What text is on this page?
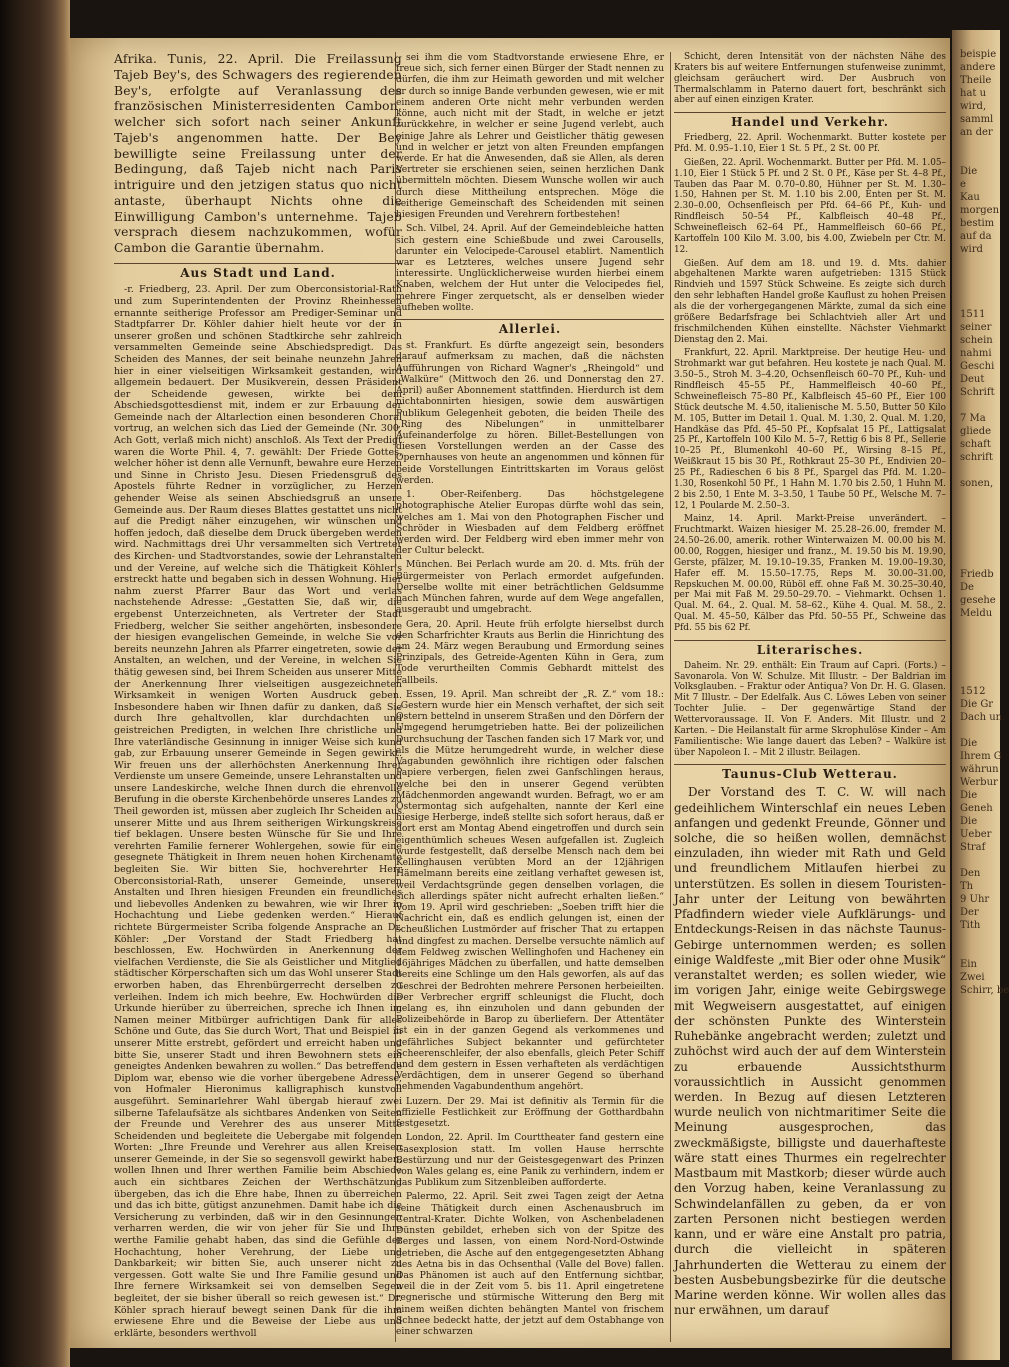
Afrika. Tunis, 22. April. Die Freilassung Tajeb Bey's, des Schwagers des regierenden Bey's, erfolgte auf Veranlassung des französischen Ministerresidenten Cambon, welcher sich sofort nach seiner Ankunft Tajeb's angenommen hatte. Der Bey bewilligte seine Freilassung unter der Bedingung, daß Tajeb nicht nach Paris intriguire und den jetzigen status quo nicht antaste, überhaupt Nichts ohne die Einwilligung Cambon's unternehme. Tajeb versprach diesem nachzukommen, wofür Cambon die Garantie übernahm.

Aus Stadt und Land.

-r. Friedberg, 23. April. Der zum Oberconsistorial-Rath und zum Superintendenten der Provinz Rheinhessen ernannte seitherige Professor am Prediger-Seminar und Stadtpfarrer Dr. Köhler dahier hielt heute vor der in unserer großen und schönen Stadtkirche sehr zahlreich versammelten Gemeinde seine Abschiedspredigt. Das Scheiden des Mannes, der seit beinahe neunzehn Jahren hier in einer vielseitigen Wirksamkeit gestanden, wird allgemein bedauert. Der Musikverein, dessen Präsident der Scheidende gewesen, wirkte bei dem Abschiedsgottesdienst mit, indem er zur Erbauung der Gemeinde nach der Altarlection einen besonderen Choral vortrug, an welchen sich das Lied der Gemeinde (Nr. 300, Ach Gott, verlaß mich nicht) anschloß. Als Text der Predigt waren die Worte Phil. 4, 7. gewählt: Der Friede Gottes, welcher höher ist denn alle Vernunft, bewahre eure Herzen und Sinne in Christo Jesu. Diesen Friedensgruß des Apostels führte Redner in vorzüglicher, zu Herzen gehender Weise als seinen Abschiedsgruß an unsere Gemeinde aus. Der Raum dieses Blattes gestattet uns nicht auf die Predigt näher einzugehen, wir wünschen und hoffen jedoch, daß dieselbe dem Druck übergeben werden wird. Nachmittags drei Uhr versammelten sich Vertreter des Kirchen- und Stadtvorstandes, sowie der Lehranstalten und der Vereine, auf welche sich die Thätigkeit Köhler's erstreckt hatte und begaben sich in dessen Wohnung. Hier nahm zuerst Pfarrer Baur das Wort und verlas nachstehende Adresse: „Gestatten Sie, daß wir, die ergebenst Unterzeichneten, als Vertreter der Stadt Friedberg, welcher Sie seither angehörten, insbesondere der hiesigen evangelischen Gemeinde, in welche Sie vor bereits neunzehn Jahren als Pfarrer eingetreten, sowie der Anstalten, an welchen, und der Vereine, in welchen Sie thätig gewesen sind, bei Ihrem Scheiden aus unserer Mitte der Anerkennung Ihrer vielseitigen ausgezeichneten Wirksamkeit in wenigen Worten Ausdruck geben. Insbesondere haben wir Ihnen dafür zu danken, daß Sie durch Ihre gehaltvollen, klar durchdachten und geistreichen Predigten, in welchen Ihre christliche und Ihre vaterländische Gesinnung in inniger Weise sich kund gab, zur Erbauung unserer Gemeinde in Segen gewirkt. Wir freuen uns der allerhöchsten Anerkennung Ihrer Verdienste um unsere Gemeinde, unsere Lehranstalten und unsere Landeskirche, welche Ihnen durch die ehrenvolle Berufung in die oberste Kirchenbehörde unseres Landes zu Theil geworden ist, müssen aber zugleich Ihr Scheiden aus unserer Mitte und aus Ihrem seitherigen Wirkungskreise tief beklagen. Unsere besten Wünsche für Sie und Ihre verehrten Familie fernerer Wohlergehen, sowie für eine gesegnete Thätigkeit in Ihrem neuen hohen Kirchenamte begleiten Sie. Wir bitten Sie, hochverehrter Herr Oberconsistorial-Rath, unserer Gemeinde, unseren Anstalten und Ihren hiesigen Freunden ein freundliches und liebevolles Andenken zu bewahren, wie wir Ihrer in Hochachtung und Liebe gedenken werden.“ Hierauf richtete Bürgermeister Scriba folgende Ansprache an Dr. Köhler: „Der Vorstand der Stadt Friedberg hat beschlossen, Ew. Hochwürden in Anerkennung der vielfachen Verdienste, die Sie als Geistlicher und Mitglied städtischer Körperschaften sich um das Wohl unserer Stadt erworben haben, das Ehrenbürgerrecht derselben zu verleihen. Indem ich mich beehre, Ew. Hochwürden die Urkunde hierüber zu überreichen, spreche ich Ihnen im Namen meiner Mitbürger aufrichtigen Dank für alles Schöne und Gute, das Sie durch Wort, That und Beispiel in unserer Mitte erstrebt, gefördert und erreicht haben und bitte Sie, unserer Stadt und ihren Bewohnern stets ein geneigtes Andenken bewahren zu wollen.“ Das betreffende Diplom war, ebenso wie die vorher übergebene Adresse, von Hofmaler Hieronimus kalligraphisch kunstvoll ausgeführt. Seminarlehrer Wahl übergab hierauf zwei silberne Tafelaufsätze als sichtbares Andenken von Seiten der Freunde und Verehrer des aus unserer Mitte Scheidenden und begleitete die Uebergabe mit folgenden Worten: „Ihre Freunde und Verehrer aus allen Kreisen unserer Gemeinde, in der Sie so segensvoll gewirkt haben, wollen Ihnen und Ihrer werthen Familie beim Abschiede auch ein sichtbares Zeichen der Werthschätzung übergeben, das ich die Ehre habe, Ihnen zu überreichen und das ich bitte, gütigst anzunehmen. Damit habe ich die Versicherung zu verbinden, daß wir in den Gesinnungen verharren werden, die wir von jeher für Sie und Ihre werthe Familie gehabt haben, das sind die Gefühle der Hochachtung, hoher Verehrung, der Liebe und Dankbarkeit; wir bitten Sie, auch unserer nicht zu vergessen. Gott walte Sie und Ihre Familie gesund und Ihre fernere Wirksamkeit sei von demselben Segen begleitet, der sie bisher überall so reich gewesen ist.“ Dr. Köhler sprach hierauf bewegt seinen Dank für die ihm erwiesene Ehre und die Beweise der Liebe aus und erklärte, besonders werthvoll

sei ihm die vom Stadtvorstande erwiesene Ehre, er freue sich, sich ferner einen Bürger der Stadt nennen zu dürfen, die ihm zur Heimath geworden und mit welcher er durch so innige Bande verbunden gewesen, wie er mit einem anderen Orte nicht mehr verbunden werden könne, auch nicht mit der Stadt, in welche er jetzt zurückkehre, in welcher er seine Jugend verlebt, auch einige Jahre als Lehrer und Geistlicher thätig gewesen und in welcher er jetzt von alten Freunden empfangen werde. Er hat die Anwesenden, daß sie Allen, als deren Vertreter sie erschienen seien, seinen herzlichen Dank übermitteln möchten. Diesem Wunsche wollen wir auch durch diese Mittheilung entsprechen. Möge die seitherige Gemeinschaft des Scheidenden mit seinen hiesigen Freunden und Verehrern fortbestehen!

Sch. Vilbel, 24. April. Auf der Gemeindebleiche hatten sich gestern eine Schießbude und zwei Carousells, darunter ein Velocipede-Carousel etablirt. Namentlich war es Letzteres, welches unsere Jugend sehr interessirte. Unglücklicherweise wurden hierbei einem Knaben, welchem der Hut unter die Velocipedes fiel, mehrere Finger zerquetscht, als er denselben wieder aufheben wollte.

Allerlei.

st. Frankfurt. Es dürfte angezeigt sein, besonders darauf aufmerksam zu machen, daß die nächsten Aufführungen von Richard Wagner's „Rheingold“ und „Walküre“ (Mittwoch den 26. und Donnerstag den 27. April) außer Abonnement stattfinden. Hierdurch ist dem nichtabonnirten hiesigen, sowie dem auswärtigen Publikum Gelegenheit geboten, die beiden Theile des „Ring des Nibelungen“ in unmittelbarer Aufeinanderfolge zu hören. Billet-Bestellungen von diesen Vorstellungen werden an der Casse des Opernhauses von heute an angenommen und können für beide Vorstellungen Eintrittskarten im Voraus gelöst werden.

1. Ober-Reifenberg. Das höchstgelegene photographische Atelier Europas dürfte wohl das sein, welches am 1. Mai von den Photographen Fischer und Schröder in Wiesbaden auf dem Feldberg eröffnet werden wird. Der Feldberg wird eben immer mehr von der Cultur beleckt.

München. Bei Perlach wurde am 20. d. Mts. früh der Bürgermeister von Perlach ermordet aufgefunden. Derselbe wollte mit einer beträchtlichen Geldsumme nach München fahren, wurde auf dem Wege angefallen, ausgeraubt und umgebracht.

Gera, 20. April. Heute früh erfolgte hierselbst durch den Scharfrichter Krauts aus Berlin die Hinrichtung des am 24. März wegen Beraubung und Ermordung seines Prinzipals, des Getreide-Agenten Kühn in Gera, zum Tode verurtheilten Commis Gebhardt mittelst des Fallbeils.

Essen, 19. April. Man schreibt der „R. Z.“ vom 18.: „Gestern wurde hier ein Mensch verhaftet, der sich seit Ostern bettelnd in unserem Straßen und den Dörfern der Umgegend herumgetrieben hatte. Bei der polizeilichen Durchsuchung der Taschen fanden sich 17 Mark vor, und als die Mütze herumgedreht wurde, in welcher diese Vagabunden gewöhnlich ihre richtigen oder falschen Papiere verbergen, fielen zwei Ganfschlingen heraus, welche bei den in unserer Gegend verübten Mädchenmorden angewandt wurden. Befragt, wo er am Ostermontag sich aufgehalten, nannte der Kerl eine hiesige Herberge, indeß stellte sich sofort heraus, daß er dort erst am Montag Abend eingetroffen und durch sein eigenthümlich scheues Wesen aufgefallen ist. Zugleich wurde festgestellt, daß derselbe Mensch nach dem bei Kellinghausen verübten Mord an der 12jährigen Hämelmann bereits eine zeitlang verhaftet gewesen ist, weil Verdachtsgründe gegen denselben vorlagen, die sich allerdings später nicht aufrecht erhalten ließen.“ Vom 19. April wird geschrieben: „Soeben trifft hier die Nachricht ein, daß es endlich gelungen ist, einen der scheußlichen Lustmörder auf frischer That zu ertappen und dingfest zu machen. Derselbe versuchte nämlich auf dem Feldweg zwischen Wellinghofen und Hacheney ein 16jähriges Mädchen zu überfallen, und hatte demselben bereits eine Schlinge um den Hals geworfen, als auf das Geschrei der Bedrohten mehrere Personen herbeieilten. Der Verbrecher ergriff schleunigst die Flucht, doch gelang es, ihn einzuholen und dann gebunden der Polizeibehörde in Barop zu überliefern. Der Attentäter ist ein in der ganzen Gegend als verkommenes und gefährliches Subject bekannter und gefürchteter Scheerenschleifer, der also ebenfalls, gleich Peter Schiff und dem gestern in Essen verhafteten als verdächtigen Verdächtigen, dem in unserer Gegend so überhand nehmenden Vagabundenthum angehört.

Luzern. Der 29. Mai ist definitiv als Termin für die offizielle Festlichkeit zur Eröffnung der Gotthardbahn festgesetzt.

London, 22. April. Im Courttheater fand gestern eine Gasexplosion statt. Im vollen Hause herrschte Bestürzung und nur der Geistesgegenwart des Prinzen von Wales gelang es, eine Panik zu verhindern, indem er das Publikum zum Sitzenbleiben aufforderte.

Palermo, 22. April. Seit zwei Tagen zeigt der Aetna seine Thätigkeit durch einen Aschenausbruch im Central-Krater. Dichte Wolken, von Aschenbeladenen Dünsten gebildet, erheben sich von der Spitze des Berges und lassen, von einem Nord-Nord-Ostwinde getrieben, die Asche auf den entgegengesetzten Abhang des Aetna bis in das Ochsenthal (Valle del Bove) fallen. Das Phänomen ist auch auf den Entfernung sichtbar, weil die in der Zeit vom 5. bis 11. April eingetretene regnerische und stürmische Witterung den Berg mit einem weißen dichten behängten Mantel von frischem Schnee bedeckt hatte, der jetzt auf dem Ostabhange von einer schwarzen

Schicht, deren Intensität von der nächsten Nähe des Kraters bis auf weitere Entfernungen stufenweise zunimmt, gleichsam geräuchert wird. Der Ausbruch von Thermalschlamm in Paterno dauert fort, beschränkt sich aber auf einen einzigen Krater.

Handel und Verkehr.

Friedberg, 22. April. Wochenmarkt. Butter kostete per Pfd. M. 0.95–1.10, Eier 1 St. 5 Pf., 2 St. 00 Pf.

Gießen, 22. April. Wochenmarkt. Butter per Pfd. M. 1.05–1.10, Eier 1 Stück 5 Pf. und 2 St. 0 Pf., Käse per St. 4–8 Pf., Tauben das Paar M. 0.70–0.80, Hühner per St. M. 1.30–1.50, Hahnen per St. M. 1.10 bis 2.00, Enten per St. M. 2.30–0.00, Ochsenfleisch per Pfd. 64–66 Pf., Kuh- und Rindfleisch 50–54 Pf., Kalbfleisch 40–48 Pf., Schweinefleisch 62–64 Pf., Hammelfleisch 60–66 Pf., Kartoffeln 100 Kilo M. 3.00, bis 4.00, Zwiebeln per Ctr. M. 12.

Gießen. Auf dem am 18. und 19. d. Mts. dahier abgehaltenen Markte waren aufgetrieben: 1315 Stück Rindvieh und 1597 Stück Schweine. Es zeigte sich durch den sehr lebhaften Handel große Kauflust zu hohen Preisen als die der vorhergegangenen Märkte, zumal da sich eine größere Bedarfsfrage bei Schlachtvieh aller Art und frischmilchenden Kühen einstellte. Nächster Viehmarkt Dienstag den 2. Mai.

Frankfurt, 22. April. Marktpreise. Der heutige Heu- und Strohmarkt war gut befahren. Heu kostete je nach Qual. M. 3.50–5., Stroh M. 3–4.20, Ochsenfleisch 60–70 Pf., Kuh- und Rindfleisch 45–55 Pf., Hammelfleisch 40–60 Pf., Schweinefleisch 75–80 Pf., Kalbfleisch 45–60 Pf., Eier 100 Stück deutsche M. 4.50, italienische M. 5.50, Butter 50 Kilo M. 105, Butter im Detail 1. Qual. M. 1.30, 2. Qual. M. 1.20, Handkäse das Pfd. 45–50 Pf., Kopfsalat 15 Pf., Lattigsalat 25 Pf., Kartoffeln 100 Kilo M. 5–7, Rettig 6 bis 8 Pf., Sellerie 10–25 Pf., Blumenkohl 40–60 Pf., Wirsing 8–15 Pf., Weißkraut 15 bis 30 Pf., Rothkraut 25–30 Pf., Endivien 20–25 Pf., Radieschen 6 bis 8 Pf., Spargel das Pfd. M. 1.20–1.30, Rosenkohl 50 Pf., 1 Hahn M. 1.70 bis 2.50, 1 Huhn M. 2 bis 2.50, 1 Ente M. 3–3.50, 1 Taube 50 Pf., Welsche M. 7–12, 1 Poularde M. 2.50–3.

Mainz, 14. April. Markt-Preise unverändert. – Fruchtmarkt. Waizen hiesiger M. 25.28–26.00, fremder M. 24.50–26.00, amerik. rother Winterwaizen M. 00.00 bis M. 00.00, Roggen, hiesiger und franz., M. 19.50 bis M. 19.90, Gerste, pfälzer, M. 19.10–19.35, Franken M. 19.00–19.30, Hafer eff. M. 15.50–17.75, Reps M. 30.00–31.00, Repskuchen M. 00.00, Rüböl eff. ohne Faß M. 30.25–30.40, per Mai mit Faß M. 29.50–29.70. – Viehmarkt. Ochsen 1. Qual. M. 64., 2. Qual. M. 58–62., Kühe 4. Qual. M. 58., 2. Qual. M. 45–50, Kälber das Pfd. 50–55 Pf., Schweine das Pfd. 55 bis 62 Pf.

Literarisches.

Daheim. Nr. 29. enthält: Ein Traum auf Capri. (Forts.) – Savonarola. Von W. Schulze. Mit Illustr. – Der Baldrian im Volksglauben. – Fraktur oder Antiqua? Von Dr. H. G. Glasen. Mit 7 Illustr. – Der Edelfalk. Aus C. Löwes Leben von seiner Tochter Julie. – Der gegenwärtige Stand der Wettervoraussage. II. Von F. Anders. Mit Illustr. und 2 Karten. – Die Heilanstalt für arme Skrophulöse Kinder – Am Familientische: Wie lange dauert das Leben? – Walküre ist über Napoleon I. – Mit 2 illustr. Beilagen.

Taunus-Club Wetterau.

Der Vorstand des T. C. W. will nach gedeihlichem Winterschlaf ein neues Leben anfangen und gedenkt Freunde, Gönner und solche, die so heißen wollen, demnächst einzuladen, ihn wieder mit Rath und Geld und freundlichem Mitlaufen hierbei zu unterstützen. Es sollen in diesem Touristen-Jahr unter der Leitung von bewährten Pfadfindern wieder viele Aufklärungs- und Entdeckungs-Reisen in das nächste Taunus-Gebirge unternommen werden; es sollen einige Waldfeste „mit Bier oder ohne Musik“ veranstaltet werden; es sollen wieder, wie im vorigen Jahr, einige weite Gebirgswege mit Wegweisern ausgestattet, auf einigen der schönsten Punkte des Winterstein Ruhebänke angebracht werden; zuletzt und zuhöchst wird auch der auf dem Winterstein zu erbauende Aussichtsthurm voraussichtlich in Aussicht genommen werden. In Bezug auf diesen Letzteren wurde neulich von nichtmaritimer Seite die Meinung ausgesprochen, das zweckmäßigste, billigste und dauerhafteste wäre statt eines Thurmes ein regelrechter Mastbaum mit Mastkorb; dieser würde auch den Vorzug haben, keine Veranlassung zu Schwindelanfällen zu geben, da er von zarten Personen nicht bestiegen werden kann, und er wäre eine Anstalt pro patria, durch die vielleicht in späteren Jahrhunderten die Wetterau zu einem der besten Ausbebungsbezirke für die deutsche Marine werden könne. Wir wollen alles das nur erwähnen, um darauf

beispie
andere
Theile
hat u
wird,
samml
an der

Die
e
Kau
morgen
bestim
auf da
wird

1511
seiner
schein
nahmi
Geschi
Deut
Schrift

7 Ma
gliede
schaft
schrift

sonen,

Friedb
De
gesehe
Meldu

1512
Die Gr
Dach un

Die
Ihrem G
währun
Werbur
Die
Geneh
Die
Ueber
Straf

Den
Th
9 Uhr
Der
Tith

Ein
Zwei
Schirr, be
